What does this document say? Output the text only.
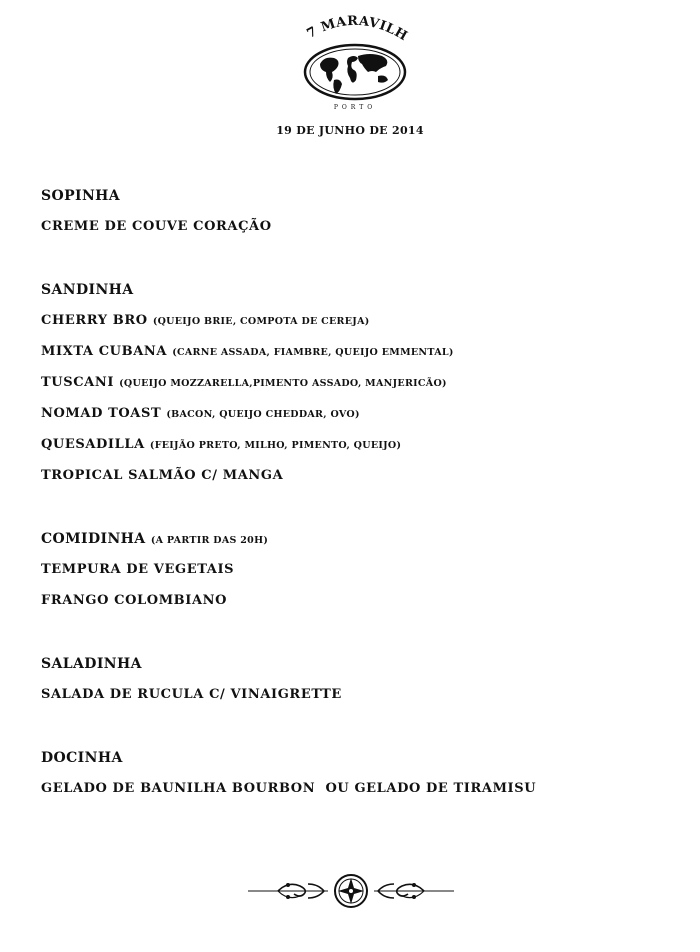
7 MARAVILH
PORTO
19 DE JUNHO DE 2014
SOPINHA
CREME DE COUVE CORAÇÃO
SANDINHA
CHERRY BRO (QUEIJO BRIE, COMPOTA DE CEREJA)
MIXTA CUBANA (CARNE ASSADA, FIAMBRE, QUEIJO EMMENTAL)
TUSCANI (QUEIJO MOZZARELLA,PIMENTO ASSADO, MANJERICÃO)
NOMAD TOAST (BACON, QUEIJO CHEDDAR, OVO)
QUESADILLA (FEIJÃO PRETO, MILHO, PIMENTO, QUEIJO)
TROPICAL SALMÃO C/ MANGA
COMIDINHA (A PARTIR DAS 20H)
TEMPURA DE VEGETAIS
FRANGO COLOMBIANO
SALADINHA
SALADA DE RUCULA C/ VINAIGRETTE
DOCINHA
GELADO DE BAUNILHA BOURBON  OU GELADO DE TIRAMISU
